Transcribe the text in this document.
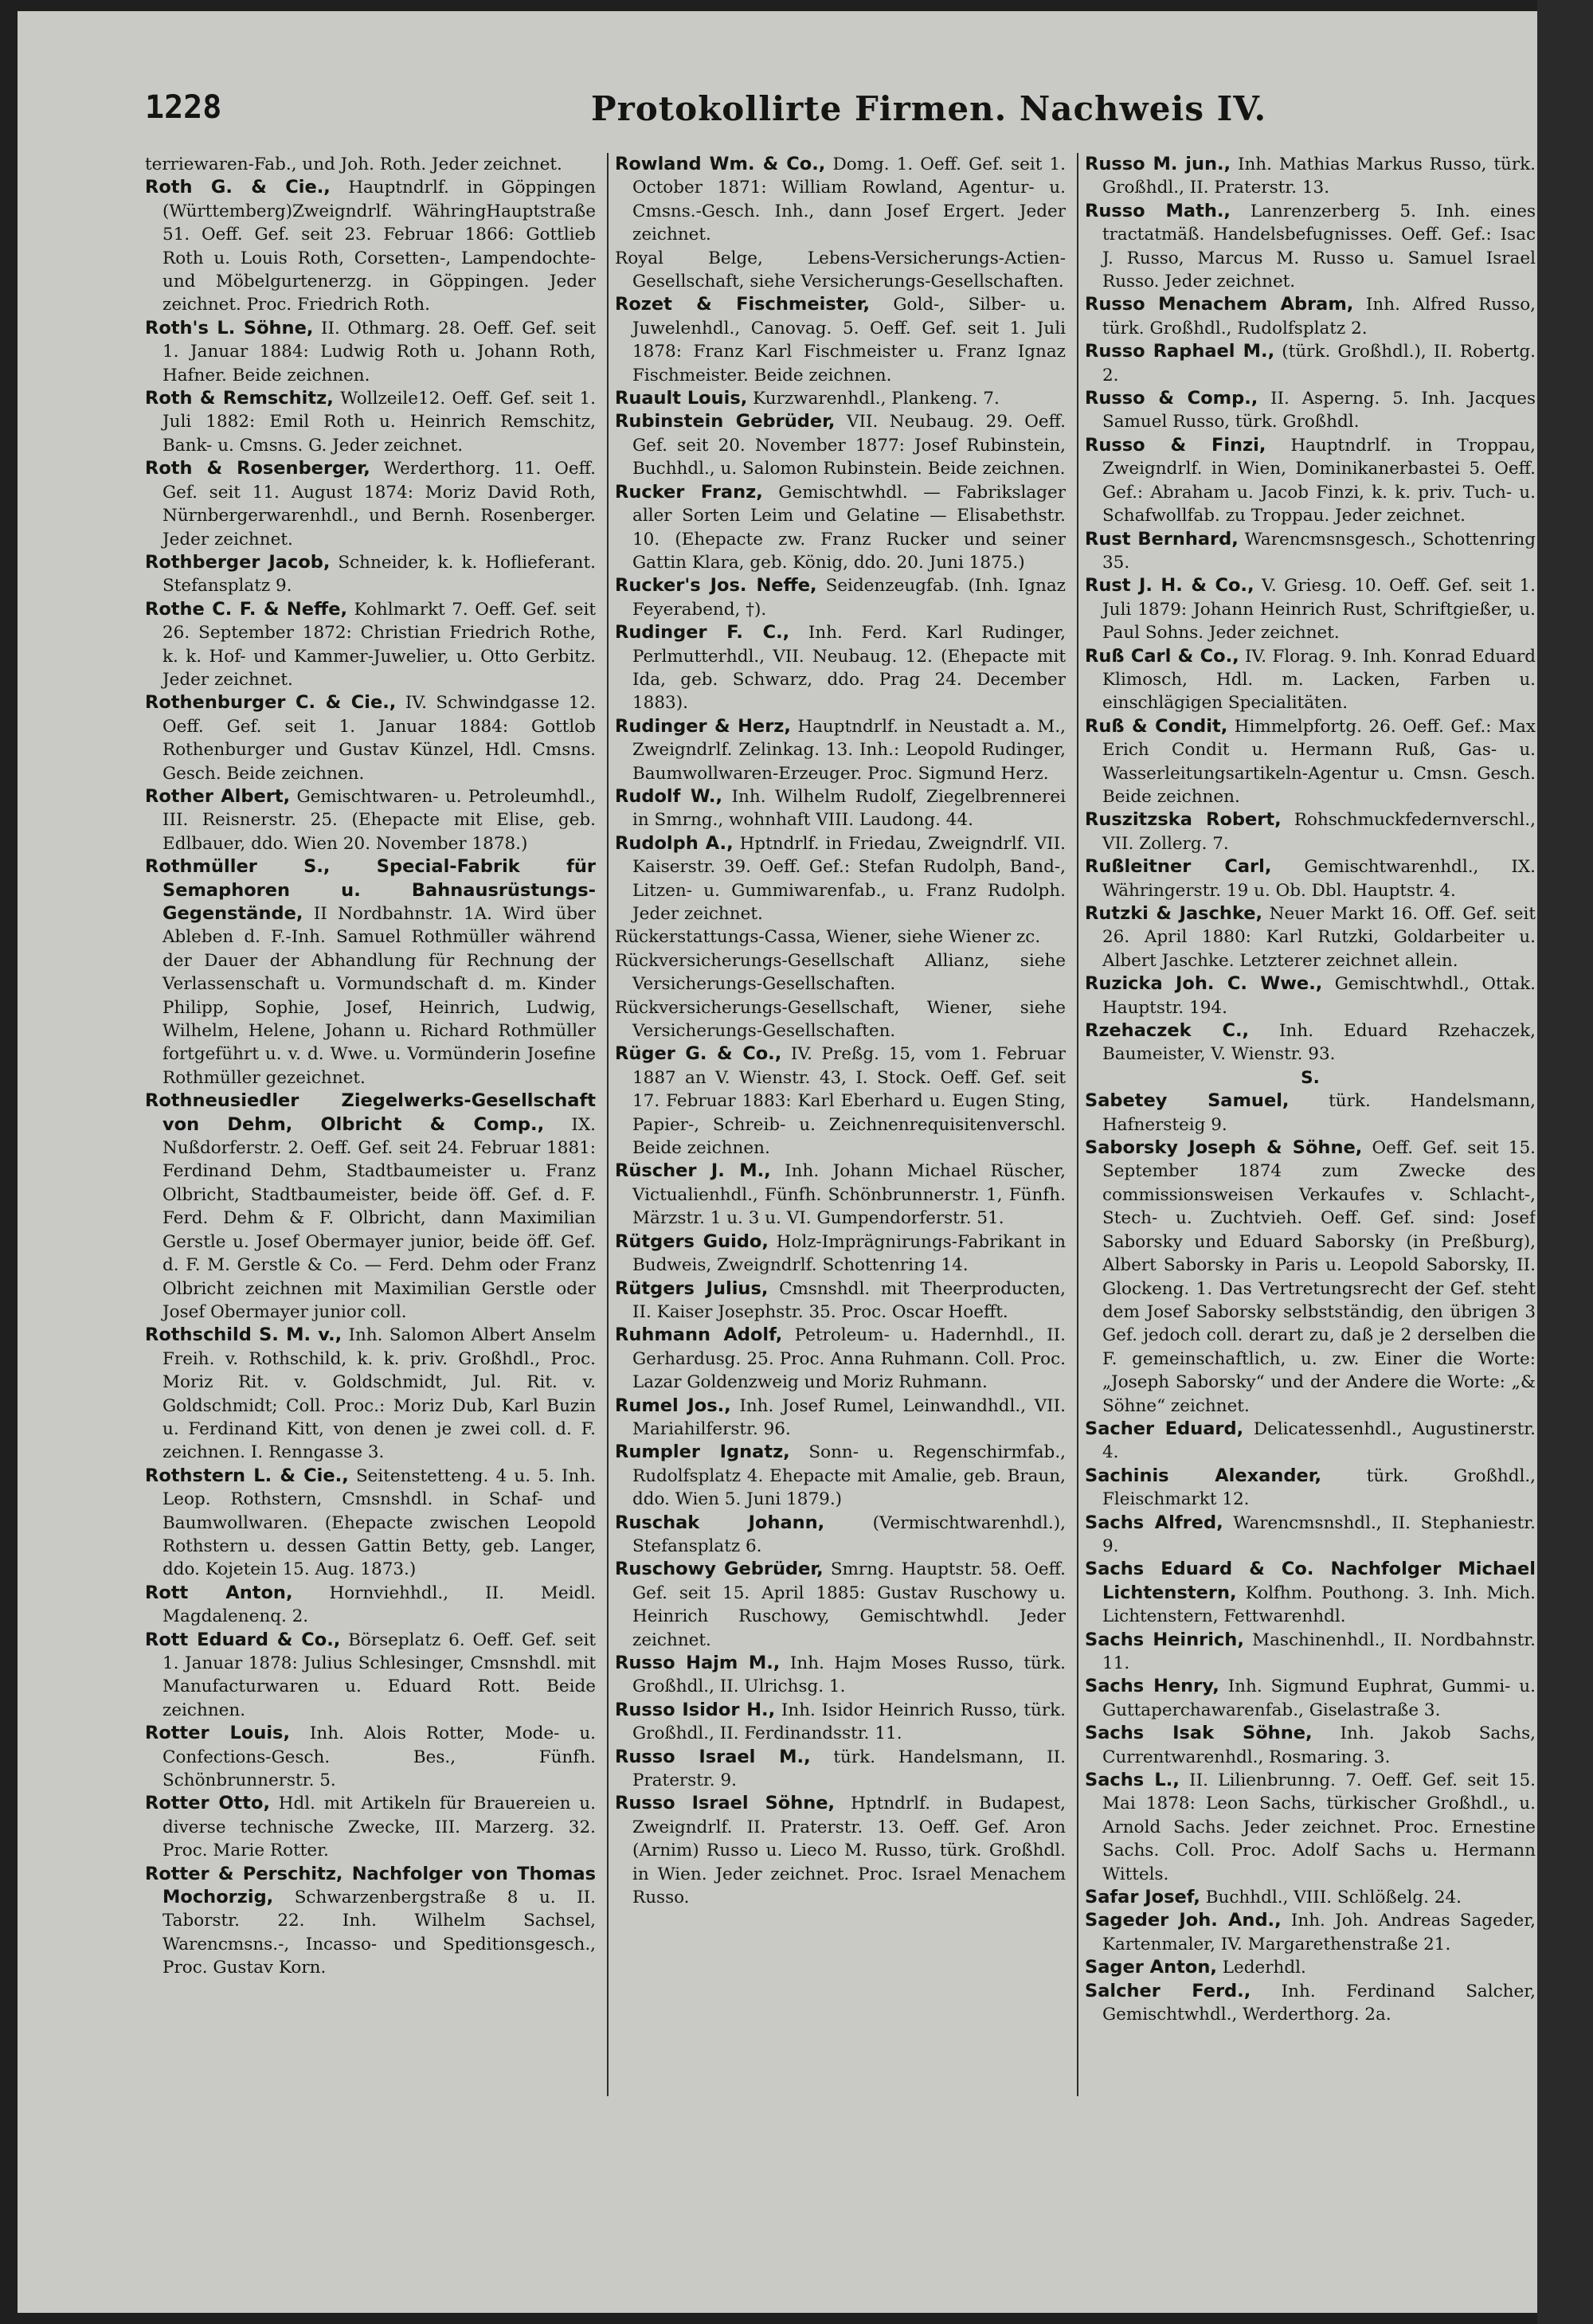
1228	Protokollirte Firmen. Nachweis IV.

terriewaren-Fab., und Joh. Roth. Jeder zeichnet.

Roth G. & Cie., Hauptndrlf. in Göppingen (Württemberg)Zweigndrlf. WähringHauptstraße 51. Oeff. Gef. seit 23. Februar 1866: Gottlieb Roth u. Louis Roth, Corsetten-, Lampendochte- und Möbelgurtenerzg. in Göppingen. Jeder zeichnet. Proc. Friedrich Roth.

Roth's L. Söhne, II. Othmarg. 28. Oeff. Gef. seit 1. Januar 1884: Ludwig Roth u. Johann Roth, Hafner. Beide zeichnen.

Roth & Remschitz, Wollzeile12. Oeff. Gef. seit 1. Juli 1882: Emil Roth u. Heinrich Remschitz, Bank- u. Cmsns. G. Jeder zeichnet.

Roth & Rosenberger, Werderthorg. 11. Oeff. Gef. seit 11. August 1874: Moriz David Roth, Nürnbergerwarenhdl., und Bernh. Rosenberger. Jeder zeichnet.

Rothberger Jacob, Schneider, k. k. Hoflieferant. Stefansplatz 9.

Rothe C. F. & Neffe, Kohlmarkt 7. Oeff. Gef. seit 26. September 1872: Christian Friedrich Rothe, k. k. Hof- und Kammer-Juwelier, u. Otto Gerbitz. Jeder zeichnet.

Rothenburger C. & Cie., IV. Schwindgasse 12. Oeff. Gef. seit 1. Januar 1884: Gottlob Rothenburger und Gustav Künzel, Hdl. Cmsns. Gesch. Beide zeichnen.

Rother Albert, Gemischtwaren- u. Petroleumhdl., III. Reisnerstr. 25. (Ehepacte mit Elise, geb. Edlbauer, ddo. Wien 20. November 1878.)

Rothmüller S., Special-Fabrik für Semaphoren u. Bahnausrüstungs-Gegenstände, II Nordbahnstr. 1A. Wird über Ableben d. F.-Inh. Samuel Rothmüller während der Dauer der Abhandlung für Rechnung der Verlassenschaft u. Vormundschaft d. m. Kinder Philipp, Sophie, Josef, Heinrich, Ludwig, Wilhelm, Helene, Johann u. Richard Rothmüller fortgeführt u. v. d. Wwe. u. Vormünderin Josefine Rothmüller gezeichnet.

Rothneusiedler Ziegelwerks-Gesellschaft von Dehm, Olbricht & Comp., IX. Nußdorferstr. 2. Oeff. Gef. seit 24. Februar 1881: Ferdinand Dehm, Stadtbaumeister u. Franz Olbricht, Stadtbaumeister, beide öff. Gef. d. F. Ferd. Dehm & F. Olbricht, dann Maximilian Gerstle u. Josef Obermayer junior, beide öff. Gef. d. F. M. Gerstle & Co. — Ferd. Dehm oder Franz Olbricht zeichnen mit Maximilian Gerstle oder Josef Obermayer junior coll.

Rothschild S. M. v., Inh. Salomon Albert Anselm Freih. v. Rothschild, k. k. priv. Großhdl., Proc. Moriz Rit. v. Goldschmidt, Jul. Rit. v. Goldschmidt; Coll. Proc.: Moriz Dub, Karl Buzin u. Ferdinand Kitt, von denen je zwei coll. d. F. zeichnen. I. Renngasse 3.

Rothstern L. & Cie., Seitenstetteng. 4 u. 5. Inh. Leop. Rothstern, Cmsnshdl. in Schaf- und Baumwollwaren. (Ehepacte zwischen Leopold Rothstern u. dessen Gattin Betty, geb. Langer, ddo. Kojetein 15. Aug. 1873.)

Rott Anton, Hornviehhdl., II. Meidl. Magdalenenq. 2.

Rott Eduard & Co., Börseplatz 6. Oeff. Gef. seit 1. Januar 1878: Julius Schlesinger, Cmsnshdl. mit Manufacturwaren u. Eduard Rott. Beide zeichnen.

Rotter Louis, Inh. Alois Rotter, Mode- u. Confections-Gesch. Bes., Fünfh. Schönbrunnerstr. 5.

Rotter Otto, Hdl. mit Artikeln für Brauereien u. diverse technische Zwecke, III. Marzerg. 32. Proc. Marie Rotter.

Rotter & Perschitz, Nachfolger von Thomas Mochorzig, Schwarzenbergstraße 8 u. II. Taborstr. 22. Inh. Wilhelm Sachsel, Warencmsns.-, Incasso- und Speditionsgesch., Proc. Gustav Korn.

Rowland Wm. & Co., Domg. 1. Oeff. Gef. seit 1. October 1871: William Rowland, Agentur- u. Cmsns.-Gesch. Inh., dann Josef Ergert. Jeder zeichnet.

Royal Belge, Lebens-Versicherungs-Actien-Gesellschaft, siehe Versicherungs-Gesellschaften.

Rozet & Fischmeister, Gold-, Silber- u. Juwelenhdl., Canovag. 5. Oeff. Gef. seit 1. Juli 1878: Franz Karl Fischmeister u. Franz Ignaz Fischmeister. Beide zeichnen.

Ruault Louis, Kurzwarenhdl., Plankeng. 7.

Rubinstein Gebrüder, VII. Neubaug. 29. Oeff. Gef. seit 20. November 1877: Josef Rubinstein, Buchhdl., u. Salomon Rubinstein. Beide zeichnen.

Rucker Franz, Gemischtwhdl. — Fabrikslager aller Sorten Leim und Gelatine — Elisabethstr. 10. (Ehepacte zw. Franz Rucker und seiner Gattin Klara, geb. König, ddo. 20. Juni 1875.)

Rucker's Jos. Neffe, Seidenzeugfab. (Inh. Ignaz Feyerabend, †).

Rudinger F. C., Inh. Ferd. Karl Rudinger, Perlmutterhdl., VII. Neubaug. 12. (Ehepacte mit Ida, geb. Schwarz, ddo. Prag 24. December 1883).

Rudinger & Herz, Hauptndrlf. in Neustadt a. M., Zweigndrlf. Zelinkag. 13. Inh.: Leopold Rudinger, Baumwollwaren-Erzeuger. Proc. Sigmund Herz.

Rudolf W., Inh. Wilhelm Rudolf, Ziegelbrennerei in Smrng., wohnhaft VIII. Laudong. 44.

Rudolph A., Hptndrlf. in Friedau, Zweigndrlf. VII. Kaiserstr. 39. Oeff. Gef.: Stefan Rudolph, Band-, Litzen- u. Gummiwarenfab., u. Franz Rudolph. Jeder zeichnet.

Rückerstattungs-Cassa, Wiener, siehe Wiener zc.

Rückversicherungs-Gesellschaft Allianz, siehe Versicherungs-Gesellschaften.

Rückversicherungs-Gesellschaft, Wiener, siehe Versicherungs-Gesellschaften.

Rüger G. & Co., IV. Preßg. 15, vom 1. Februar 1887 an V. Wienstr. 43, I. Stock. Oeff. Gef. seit 17. Februar 1883: Karl Eberhard u. Eugen Sting, Papier-, Schreib- u. Zeichnenrequisitenverschl. Beide zeichnen.

Rüscher J. M., Inh. Johann Michael Rüscher, Victualienhdl., Fünfh. Schönbrunnerstr. 1, Fünfh. Märzstr. 1 u. 3 u. VI. Gumpendorferstr. 51.

Rütgers Guido, Holz-Imprägnirungs-Fabrikant in Budweis, Zweigndrlf. Schottenring 14.

Rütgers Julius, Cmsnshdl. mit Theerproducten, II. Kaiser Josephstr. 35. Proc. Oscar Hoefft.

Ruhmann Adolf, Petroleum- u. Hadernhdl., II. Gerhardusg. 25. Proc. Anna Ruhmann. Coll. Proc. Lazar Goldenzweig und Moriz Ruhmann.

Rumel Jos., Inh. Josef Rumel, Leinwandhdl., VII. Mariahilferstr. 96.

Rumpler Ignatz, Sonn- u. Regenschirmfab., Rudolfsplatz 4. Ehepacte mit Amalie, geb. Braun, ddo. Wien 5. Juni 1879.)

Ruschak Johann,	(Vermischtwarenhdl.), Stefansplatz 6.

Ruschowy Gebrüder, Smrng. Hauptstr. 58. Oeff. Gef. seit 15. April 1885: Gustav Ruschowy u. Heinrich Ruschowy, Gemischtwhdl. Jeder zeichnet.

Russo Hajm M., Inh. Hajm Moses Russo, türk. Großhdl., II. Ulrichsg. 1.

Russo Isidor H., Inh. Isidor Heinrich Russo, türk. Großhdl., II. Ferdinandsstr. 11.

Russo Israel M., türk. Handelsmann, II. Praterstr. 9.

Russo Israel Söhne, Hptndrlf. in Budapest, Zweigndrlf. II. Praterstr. 13. Oeff. Gef. Aron (Arnim) Russo u. Lieco M. Russo, türk. Großhdl. in Wien. Jeder zeichnet. Proc. Israel Menachem Russo.

Russo M. jun., Inh. Mathias Markus Russo, türk. Großhdl., II. Praterstr. 13.

Russo Math., Lanrenzerberg 5. Inh. eines tractatmäß. Handelsbefugnisses. Oeff. Gef.: Isac J. Russo, Marcus M. Russo u. Samuel Israel Russo. Jeder zeichnet.

Russo Menachem Abram, Inh. Alfred Russo, türk. Großhdl., Rudolfsplatz 2.

Russo Raphael M., (türk. Großhdl.), II. Robertg. 2.

Russo & Comp., II. Asperng. 5. Inh. Jacques Samuel Russo, türk. Großhdl.

Russo & Finzi, Hauptndrlf. in Troppau, Zweigndrlf. in Wien, Dominikanerbastei 5. Oeff. Gef.: Abraham u. Jacob Finzi, k. k. priv. Tuch- u. Schafwollfab. zu Troppau. Jeder zeichnet.

Rust Bernhard, Warencmsnsgesch., Schottenring 35.

Rust J. H. & Co., V. Griesg. 10. Oeff. Gef. seit 1. Juli 1879: Johann Heinrich Rust, Schriftgießer, u. Paul Sohns. Jeder zeichnet.

Ruß Carl & Co., IV. Florag. 9. Inh. Konrad Eduard Klimosch, Hdl. m. Lacken, Farben u. einschlägigen Specialitäten.

Ruß & Condit, Himmelpfortg. 26. Oeff. Gef.: Max Erich Condit u. Hermann Ruß, Gas- u. Wasserleitungsartikeln-Agentur u. Cmsn. Gesch. Beide zeichnen.

Ruszitzska Robert, Rohschmuckfedernverschl., VII. Zollerg. 7.

Rußleitner Carl, Gemischtwarenhdl., IX. Währingerstr. 19 u. Ob. Dbl. Hauptstr. 4.

Rutzki & Jaschke, Neuer Markt 16. Off. Gef. seit 26. April 1880: Karl Rutzki, Goldarbeiter u. Albert Jaschke. Letzterer zeichnet allein.

Ruzicka Joh. C. Wwe., Gemischtwhdl., Ottak. Hauptstr. 194.

Rzehaczek C., Inh. Eduard Rzehaczek, Baumeister, V. Wienstr. 93.

S.

Sabetey Samuel, türk. Handelsmann, Hafnersteig 9.

Saborsky Joseph & Söhne, Oeff. Gef. seit 15. September 1874 zum Zwecke des commissionsweisen Verkaufes v. Schlacht-, Stech- u. Zuchtvieh. Oeff. Gef. sind: Josef Saborsky und Eduard Saborsky (in Preßburg), Albert Saborsky in Paris u. Leopold Saborsky, II. Glockeng. 1. Das Vertretungsrecht der Gef. steht dem Josef Saborsky selbstständig, den übrigen 3 Gef. jedoch coll. derart zu, daß je 2 derselben die F. gemeinschaftlich, u. zw. Einer die Worte: „Joseph Saborsky“ und der Andere die Worte: „& Söhne“ zeichnet.

Sacher Eduard, Delicatessenhdl., Augustinerstr. 4.

Sachinis Alexander,	türk. Großhdl., Fleischmarkt 12.

Sachs Alfred, Warencmsnshdl., II. Stephaniestr. 9.

Sachs Eduard & Co. Nachfolger Michael Lichtenstern, Kolfhm. Pouthong. 3. Inh. Mich. Lichtenstern, Fettwarenhdl.

Sachs Heinrich, Maschinenhdl., II. Nordbahnstr. 11.

Sachs Henry, Inh. Sigmund Euphrat, Gummi- u. Guttaperchawarenfab., Giselastraße 3.

Sachs Isak Söhne, Inh. Jakob Sachs, Currentwarenhdl., Rosmaring. 3.

Sachs L., II. Lilienbrunng. 7. Oeff. Gef. seit 15. Mai 1878: Leon Sachs, türkischer Großhdl., u. Arnold Sachs. Jeder zeichnet. Proc. Ernestine Sachs. Coll. Proc. Adolf Sachs u. Hermann Wittels.

Safar Josef, Buchhdl., VIII. Schlößelg. 24.

Sageder Joh. And., Inh. Joh. Andreas Sageder, Kartenmaler, IV. Margarethenstraße 21.

Sager Anton, Lederhdl.

Salcher Ferd., Inh. Ferdinand Salcher, Gemischtwhdl., Werderthorg. 2a.
